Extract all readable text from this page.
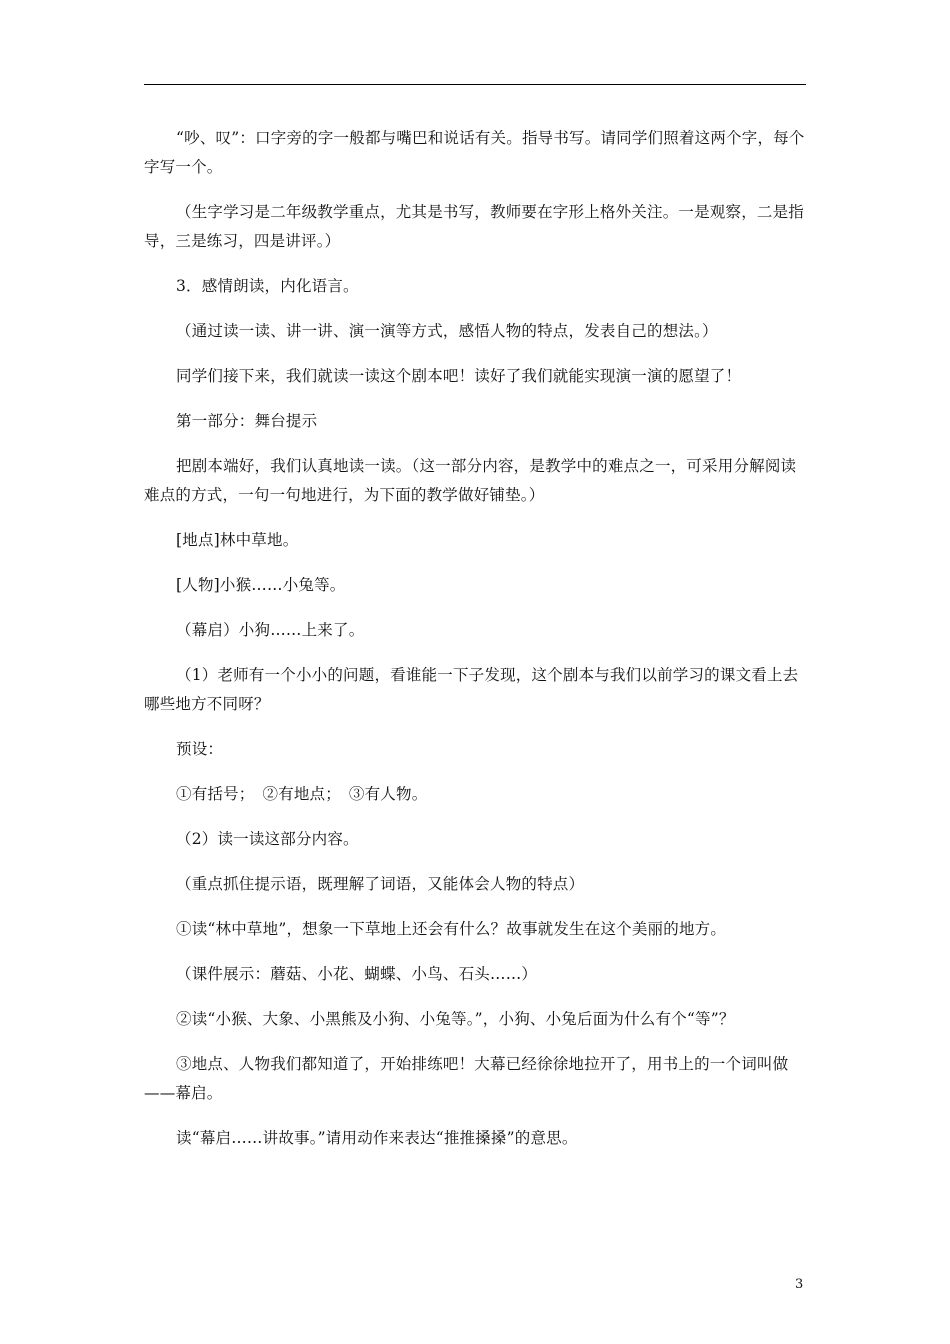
“吵、叹”：口字旁的字一般都与嘴巴和说话有关。指导书写。请同学们照着这两个字，每个字写一个。

（生字学习是二年级教学重点，尤其是书写，教师要在字形上格外关注。一是观察，二是指导，三是练习，四是讲评。）

3．感情朗读，内化语言。

（通过读一读、讲一讲、演一演等方式，感悟人物的特点，发表自己的想法。）

同学们接下来，我们就读一读这个剧本吧！读好了我们就能实现演一演的愿望了！

第一部分：舞台提示

把剧本端好，我们认真地读一读。（这一部分内容，是教学中的难点之一，可采用分解阅读难点的方式，一句一句地进行，为下面的教学做好铺垫。）

[地点]林中草地。

[人物]小猴……小兔等。

（幕启）小狗……上来了。

（1）老师有一个小小的问题，看谁能一下子发现，这个剧本与我们以前学习的课文看上去哪些地方不同呀？

预设：

①有括号；　②有地点；　③有人物。

（2）读一读这部分内容。

（重点抓住提示语，既理解了词语，又能体会人物的特点）

①读“林中草地”，想象一下草地上还会有什么？故事就发生在这个美丽的地方。

（课件展示：蘑菇、小花、蝴蝶、小鸟、石头……）

②读“小猴、大象、小黑熊及小狗、小兔等。”，小狗、小兔后面为什么有个“等”？

③地点、人物我们都知道了，开始排练吧！大幕已经徐徐地拉开了，用书上的一个词叫做——幕启。

读“幕启……讲故事。”请用动作来表达“推推搡搡”的意思。

3
